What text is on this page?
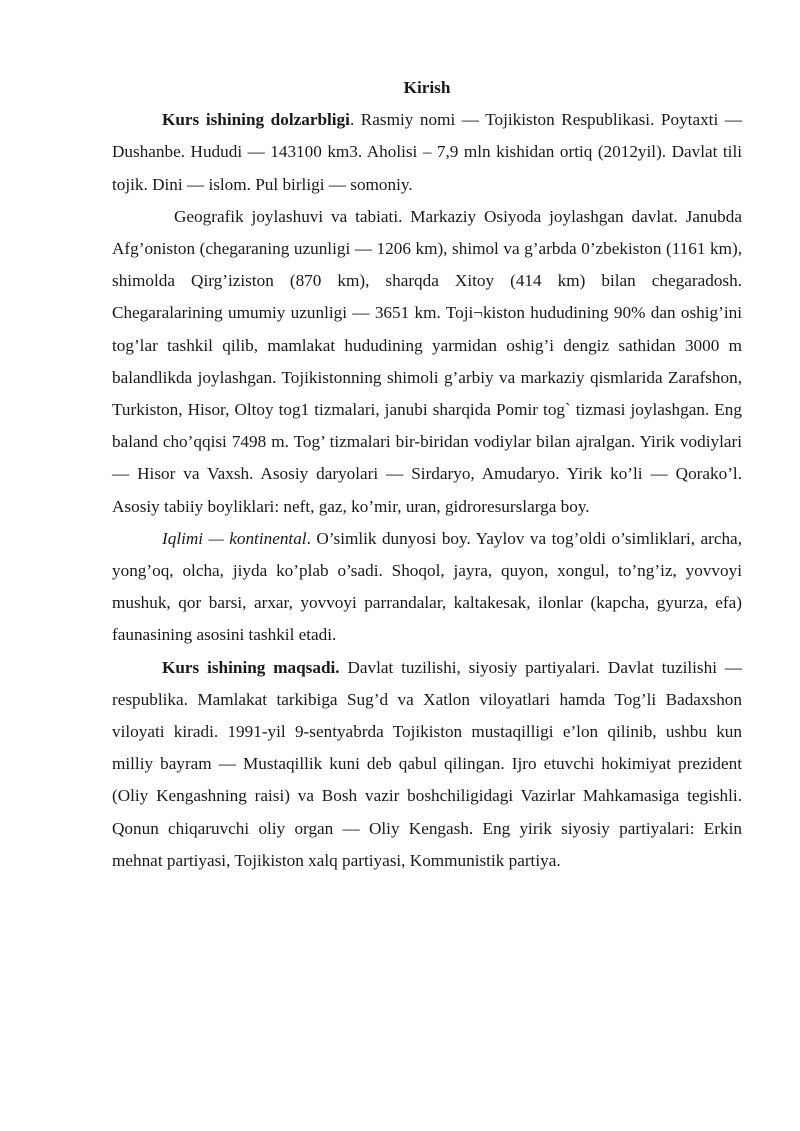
Kirish

Kurs ishining dolzarbligi. Rasmiy nomi — Tojikiston Respublikasi. Poytaxti — Dushanbe. Hududi — 143100 km3. Aholisi – 7,9 mln kishidan ortiq (2012yil). Davlat tili tojik. Dini — islom. Pul birligi — somoniy.

Geografik joylashuvi va tabiati. Markaziy Osiyoda joylashgan davlat. Janubda Afg’oniston (chegaraning uzunligi — 1206 km), shimol va g’arbda 0’zbekiston (1161 km), shimolda Qirg’iziston (870 km), sharqda Xitoy (414 km) bilan chegaradosh. Chegaralarining umumiy uzunligi — 3651 km. Toji¬kiston hududining 90% dan oshig’ini tog’lar tashkil qilib, mamlakat hududining yarmidan oshig’i dengiz sathidan 3000 m balandlikda joylashgan. Tojikistonning shimoli g’arbiy va markaziy qismlarida Zarafshon, Turkiston, Hisor, Oltoy tog1 tizmalari, janubi sharqida Pomir tog` tizmasi joylashgan. Eng baland cho’qqisi 7498 m. Tog’ tizmalari bir-biridan vodiylar bilan ajralgan. Yirik vodiylari — Hisor va Vaxsh. Asosiy daryolari — Sirdaryo, Amudaryo. Yirik ko’li — Qorako’l. Asosiy tabiiy boyliklari: neft, gaz, ko’mir, uran, gidroresurslarga boy.

Iqlimi — kontinental. O’simlik dunyosi boy. Yaylov va tog’oldi o’simliklari, archa, yong’oq, olcha, jiyda ko’plab o’sadi. Shoqol, jayra, quyon, xongul, to’ng’iz, yovvoyi mushuk, qor barsi, arxar, yovvoyi parrandalar, kaltakesak, ilonlar (kapcha, gyurza, efa) faunasining asosini tashkil etadi.

Kurs ishining maqsadi. Davlat tuzilishi, siyosiy partiyalari. Davlat tuzilishi — respublika. Mamlakat tarkibiga Sug’d va Xatlon viloyatlari hamda Tog’li Badaxshon viloyati kiradi. 1991-yil 9-sentyabrda Tojikiston mustaqilligi e’lon qilinib, ushbu kun milliy bayram — Mustaqillik kuni deb qabul qilingan. Ijro etuvchi hokimiyat prezident (Oliy Kengashning raisi) va Bosh vazir boshchiligidagi Vazirlar Mahkamasiga tegishli. Qonun chiqaruvchi oliy organ — Oliy Kengash. Eng yirik siyosiy partiyalari: Erkin mehnat partiyasi, Tojikiston xalq partiyasi, Kommunistik partiya.
